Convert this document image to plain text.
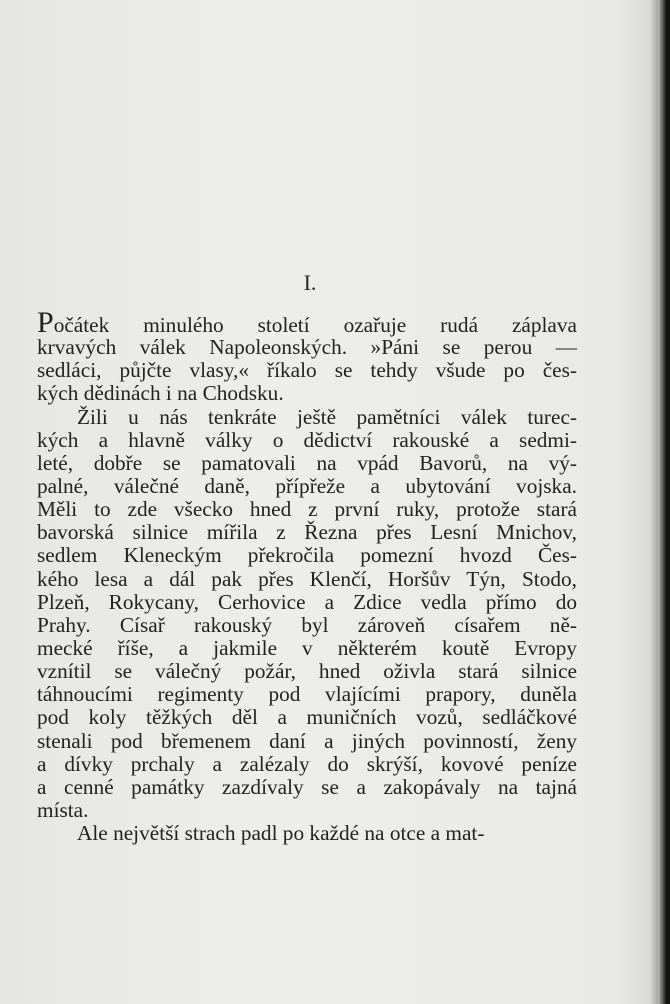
I.
Počátek minulého století ozařuje rudá záplava
krvavých válek Napoleonských. »Páni se perou —
sedláci, půjčte vlasy,« říkalo se tehdy všude po čes-
kých dědinách i na Chodsku.
Žili u nás tenkráte ještě pamětníci válek turec-
kých a hlavně války o dědictví rakouské a sedmi-
leté, dobře se pamatovali na vpád Bavorů, na vý-
palné, válečné daně, přípřeže a ubytování vojska.
Měli to zde všecko hned z první ruky, protože stará
bavorská silnice mířila z Řezna přes Lesní Mnichov,
sedlem Kleneckým překročila pomezní hvozd Čes-
kého lesa a dál pak přes Klenčí, Horšův Týn, Stodo,
Plzeň, Rokycany, Cerhovice a Zdice vedla přímo do
Prahy. Císař rakouský byl zároveň císařem ně-
mecké říše, a jakmile v některém koutě Evropy
vznítil se válečný požár, hned oživla stará silnice
táhnoucími regimenty pod vlajícími prapory, duněla
pod koly těžkých děl a muničních vozů, sedláčkové
stenali pod břemenem daní a jiných povinností, ženy
a dívky prchaly a zalézaly do skrýší, kovové peníze
a cenné památky zazdívaly se a zakopávaly na tajná
místa.
Ale největší strach padl po každé na otce a mat-
